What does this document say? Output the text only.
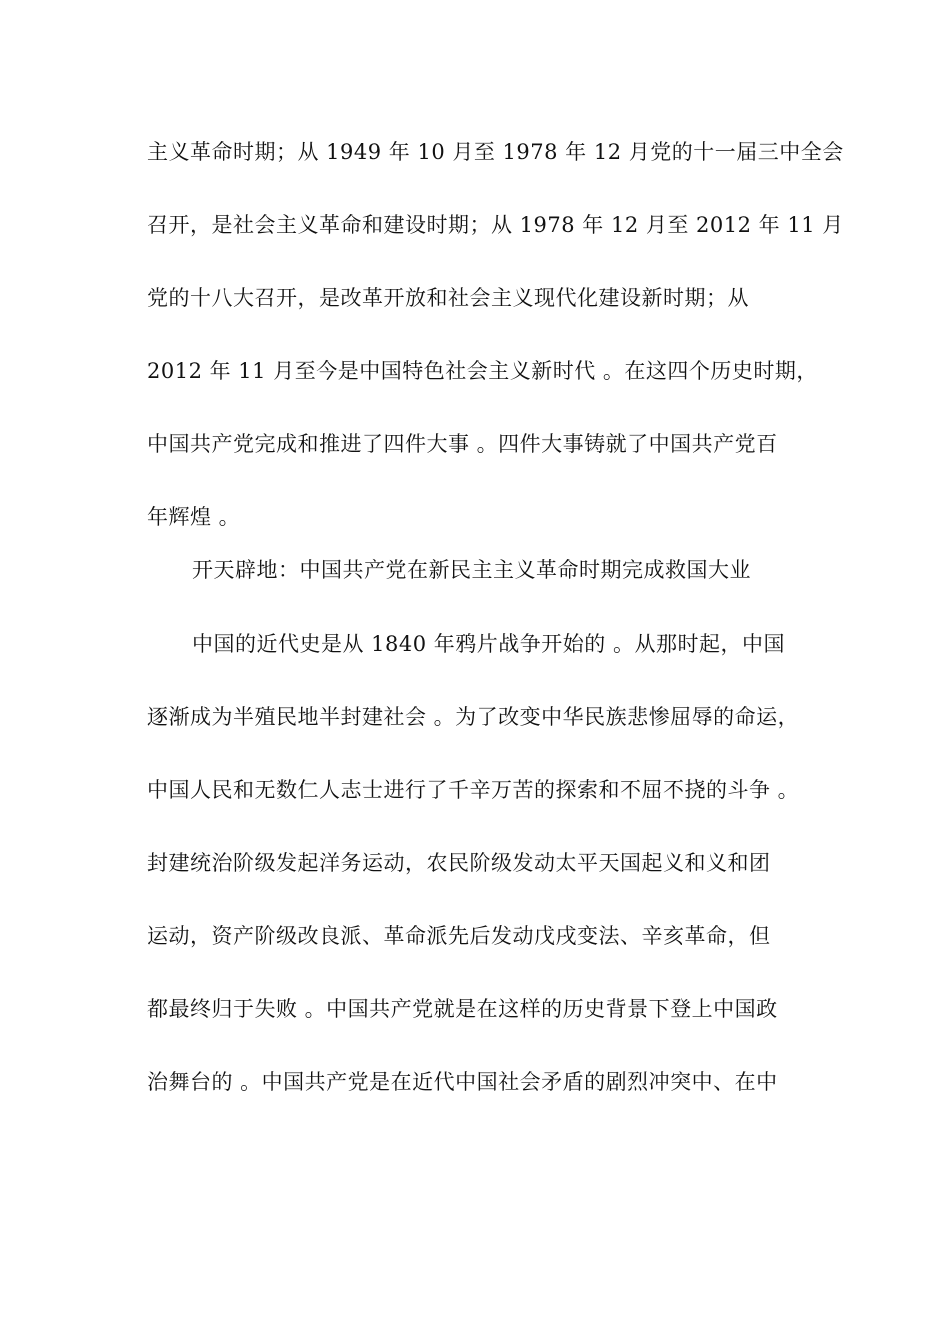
主义革命时期；从 1949 年 10 月至 1978 年 12 月党的十一届三中全会
召开，是社会主义革命和建设时期；从 1978 年 12 月至 2012 年 11 月
党的十八大召开，是改革开放和社会主义现代化建设新时期；从
2012 年 11 月至今是中国特色社会主义新时代 。在这四个历史时期，
中国共产党完成和推进了四件大事 。四件大事铸就了中国共产党百
年辉煌 。
开天辟地：中国共产党在新民主主义革命时期完成救国大业
中国的近代史是从 1840 年鸦片战争开始的 。从那时起，中国
逐渐成为半殖民地半封建社会 。为了改变中华民族悲惨屈辱的命运，
中国人民和无数仁人志士进行了千辛万苦的探索和不屈不挠的斗争 。
封建统治阶级发起洋务运动，农民阶级发动太平天国起义和义和团
运动，资产阶级改良派、革命派先后发动戊戌变法、辛亥革命，但
都最终归于失败 。中国共产党就是在这样的历史背景下登上中国政
治舞台的 。中国共产党是在近代中国社会矛盾的剧烈冲突中、在中
